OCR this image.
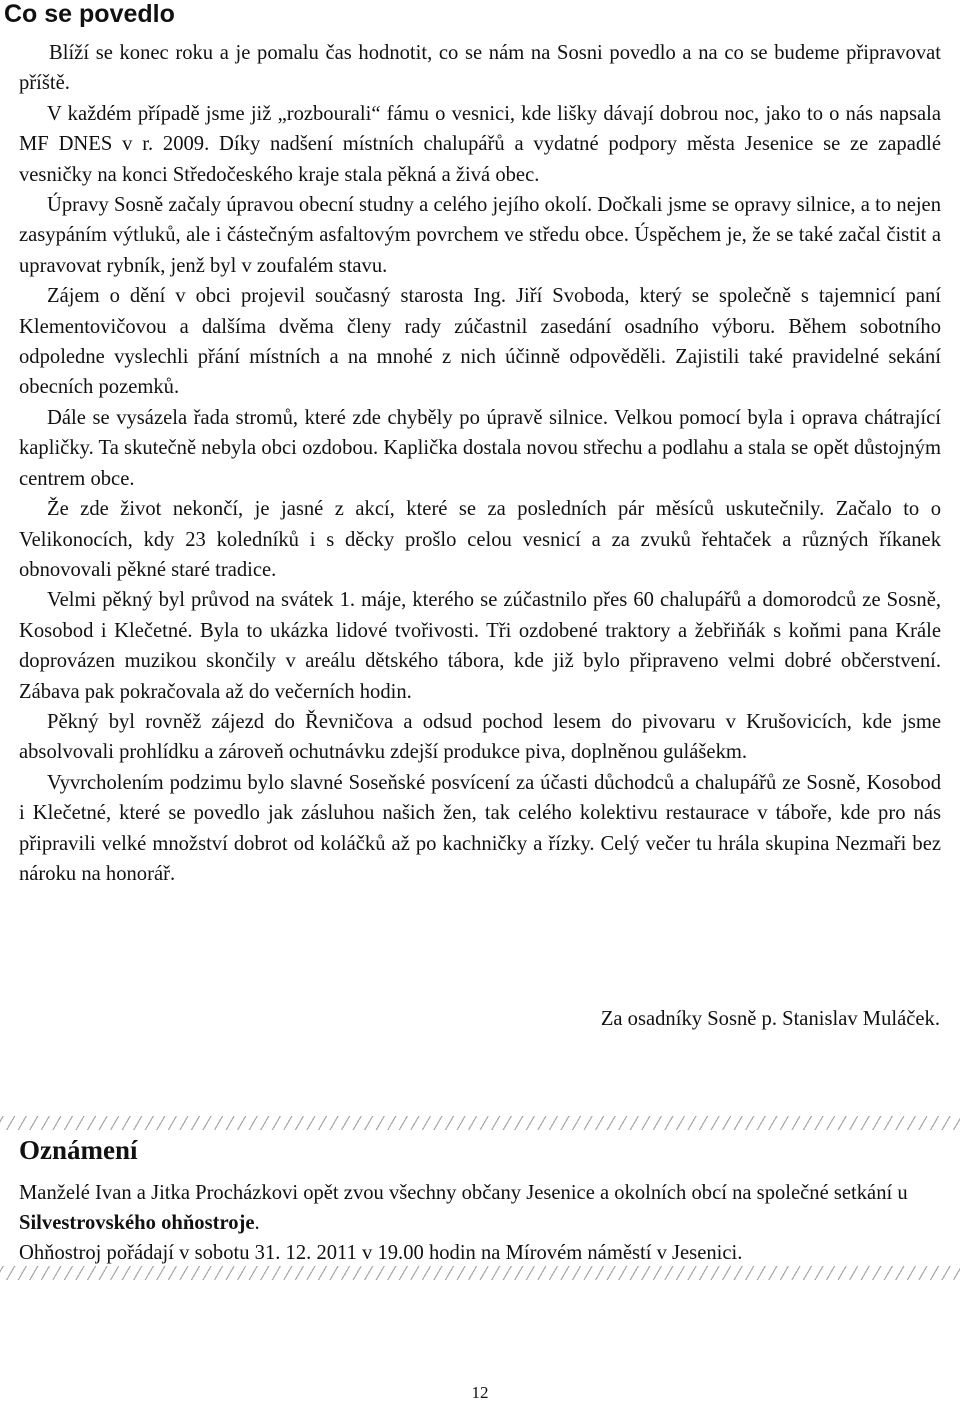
Co se povedlo

Blíží se konec roku a je pomalu čas hodnotit, co se nám na Sosni povedlo a na co se budeme připravovat příště.

V každém případě jsme již „rozbourali“ fámu o vesnici, kde lišky dávají dobrou noc, jako to o nás napsala MF DNES v r. 2009. Díky nadšení místních chalupářů a vydatné podpory města Jesenice se ze zapadlé vesničky na konci Středočeského kraje stala pěkná a živá obec.

Úpravy Sosně začaly úpravou obecní studny a celého jejího okolí. Dočkali jsme se opravy silnice, a to nejen zasypáním výtluků, ale i částečným asfaltovým povrchem ve středu obce. Úspěchem je, že se také začal čistit a upravovat rybník, jenž byl v zoufalém stavu.

Zájem o dění v obci projevil současný starosta Ing. Jiří Svoboda, který se společně s tajemnicí paní Klementovičovou a dalšíma dvěma členy rady zúčastnil zasedání osadního výboru. Během sobotního odpoledne vyslechli přání místních a na mnohé z nich účinně odpověděli. Zajistili také pravidelné sekání obecních pozemků.

Dále se vysázela řada stromů, které zde chyběly po úpravě silnice. Velkou pomocí byla i oprava chátrající kapličky. Ta skutečně nebyla obci ozdobou. Kaplička dostala novou střechu a podlahu a stala se opět důstojným centrem obce.

Že zde život nekončí, je jasné z akcí, které se za posledních pár měsíců uskutečnily. Začalo to o Velikonocích, kdy 23 koledníků i s děcky prošlo celou vesnicí a za zvuků řehtaček a různých říkanek obnovovali pěkné staré tradice.

Velmi pěkný byl průvod na svátek 1. máje, kterého se zúčastnilo přes 60 chalupářů a domorodců ze Sosně, Kosobod i Klečetné. Byla to ukázka lidové tvořivosti. Tři ozdobené traktory a žebřiňák s koňmi pana Krále doprovázen muzikou skončily v areálu dětského tábora, kde již bylo připraveno velmi dobré občerstvení. Zábava pak pokračovala až do večerních hodin.

Pěkný byl rovněž zájezd do Řevničova a odsud pochod lesem do pivovaru v Krušovicích, kde jsme absolvovali prohlídku a zároveň ochutnávku zdejší produkce piva, doplněnou gulášekm.

Vyvrcholením podzimu bylo slavné Soseňské posvícení za účasti důchodců a chalupářů ze Sosně, Kosobod i Klečetné, které se povedlo jak zásluhou našich žen, tak celého kolektivu restaurace v táboře, kde pro nás připravili velké množství dobrot od koláčků až po kachničky a řízky. Celý večer tu hrála skupina Nezmaři bez nároku na honorář.

Za osadníky Sosně p. Stanislav Muláček.
Oznámení

Manželé Ivan a Jitka Procházkovi opět zvou všechny občany Jesenice a okolních obcí na společné setkání u Silvestrovského ohňostroje.

Ohňostroj pořádají v sobotu 31. 12. 2011 v 19.00 hodin na Mírovém náměstí v Jesenici.

12
